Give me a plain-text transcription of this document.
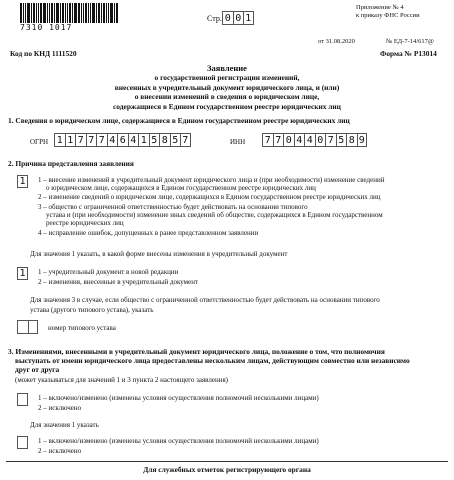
7310 1017
Стр. 0 0 1
Приложение № 4
к приказу ФНС России
от 31.08.2020	№ ЕД-7-14/617@
Код по КНД 1111520	Форма № Р13014
Заявление
о государственной регистрации изменений,
внесенных в учредительный документ юридического лица, и (или)
о внесении изменений в сведения о юридическом лице,
содержащиеся в Едином государственном реестре юридических лиц
1. Сведения о юридическом лице, содержащиеся в Едином государственном реестре юридических лиц
ОГРН 1 1 7 7 7 4 6 4 1 5 8 5 7	ИНН 7 7 0 4 4 0 7 5 8 9
2. Причина представления заявления
1	1 – внесение изменений в учредительный документ юридического лица и (при необходимости) изменение сведений
о юридическом лице, содержащихся в Едином государственном реестре юридических лиц
2 – изменение сведений о юридическом лице, содержащихся в Едином государственном реестре юридических лиц
3 – общество с ограниченной ответственностью будет действовать на основании типового
устава и (при необходимости) изменение иных сведений об обществе, содержащихся в Едином государственном
реестре юридических лиц
4 – исправление ошибок, допущенных в ранее представленном заявлении
Для значения 1 указать, в какой форме внесены изменения в учредительный документ
1	1 – учредительный документ в новой редакции
2 – изменения, внесенные в учредительный документ
Для значения 3 в случае, если общество с ограниченной ответственностью будет действовать на основании типового
устава (другого типового устава), указать
номер типового устава
3. Изменениями, внесенными в учредительный документ юридического лица, положение о том, что полномочия
выступать от имени юридического лица предоставлены нескольким лицам, действующим совместно или независимо
друг от друга
(может указываться для значений 1 и 3 пункта 2 настоящего заявления)
1 – включено/изменено (изменены условия осуществления полномочий несколькими лицами)
2 – исключено
Для значения 1 указать
1 – включено/изменено (изменены условия осуществления полномочий несколькими лицами)
2 – исключено
Для служебных отметок регистрирующего органа
